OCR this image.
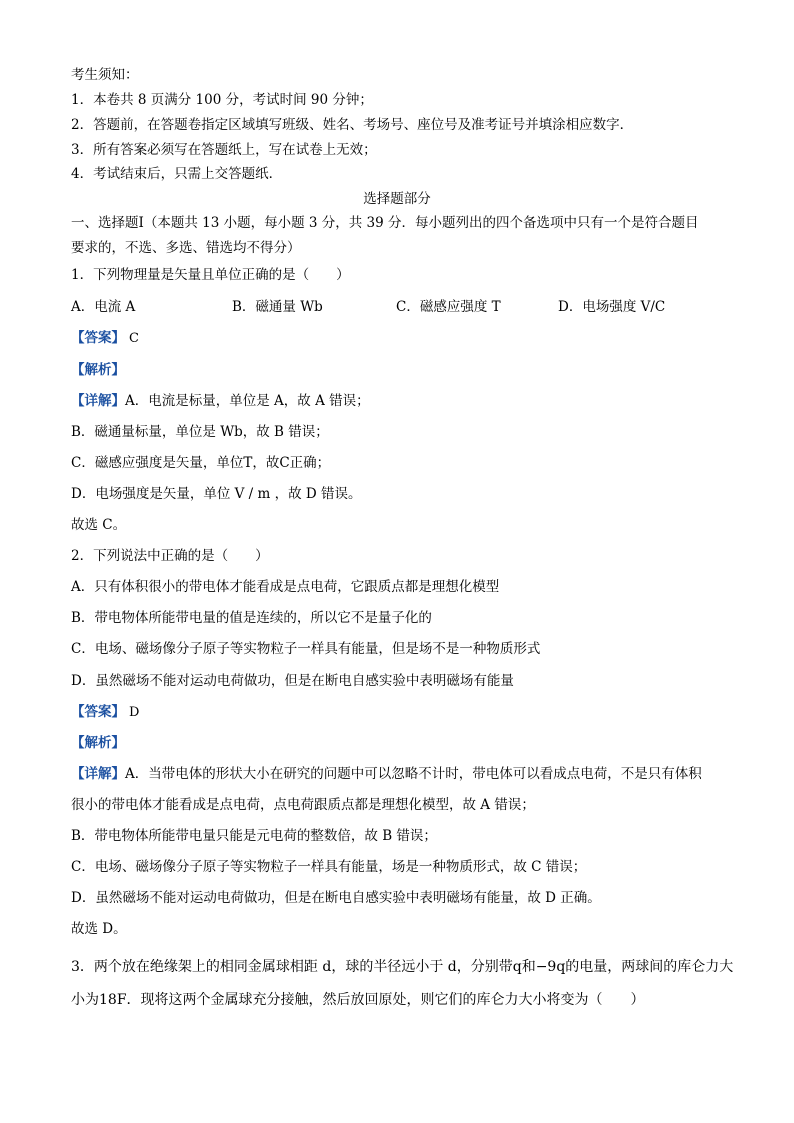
考生须知：
1．本卷共 8 页满分 100 分，考试时间 90 分钟；
2．答题前，在答题卷指定区域填写班级、姓名、考场号、座位号及准考证号并填涂相应数字．
3．所有答案必须写在答题纸上，写在试卷上无效；
4．考试结束后，只需上交答题纸．
选择题部分
一、选择题Ⅰ（本题共 13 小题，每小题 3 分，共 39 分．每小题列出的四个备选项中只有一个是符合题目
要求的，不选、多选、错选均不得分）
1．下列物理量是矢量且单位正确的是（　　）
A．电流 A	B．磁通量 Wb	C．磁感应强度 T	D．电场强度 V/C
【答案】 C
【解析】
【详解】A．电流是标量，单位是 A，故 A 错误；
B．磁通量标量，单位是 Wb，故 B 错误；
C．磁感应强度是矢量，单位T，故C正确；
D．电场强度是矢量，单位 V / m ，故 D 错误。
故选 C。
2．下列说法中正确的是（　　）
A．只有体积很小的带电体才能看成是点电荷，它跟质点都是理想化模型
B．带电物体所能带电量的值是连续的，所以它不是量子化的
C．电场、磁场像分子原子等实物粒子一样具有能量，但是场不是一种物质形式
D．虽然磁场不能对运动电荷做功，但是在断电自感实验中表明磁场有能量
【答案】 D
【解析】
【详解】A．当带电体的形状大小在研究的问题中可以忽略不计时，带电体可以看成点电荷，不是只有体积
很小的带电体才能看成是点电荷，点电荷跟质点都是理想化模型，故 A 错误；
B．带电物体所能带电量只能是元电荷的整数倍，故 B 错误；
C．电场、磁场像分子原子等实物粒子一样具有能量，场是一种物质形式，故 C 错误；
D．虽然磁场不能对运动电荷做功，但是在断电自感实验中表明磁场有能量，故 D 正确。
故选 D。
3．两个放在绝缘架上的相同金属球相距 d，球的半径远小于 d，分别带q和−9q的电量，两球间的库仑力大
小为18F．现将这两个金属球充分接触，然后放回原处，则它们的库仑力大小将变为（　　）
